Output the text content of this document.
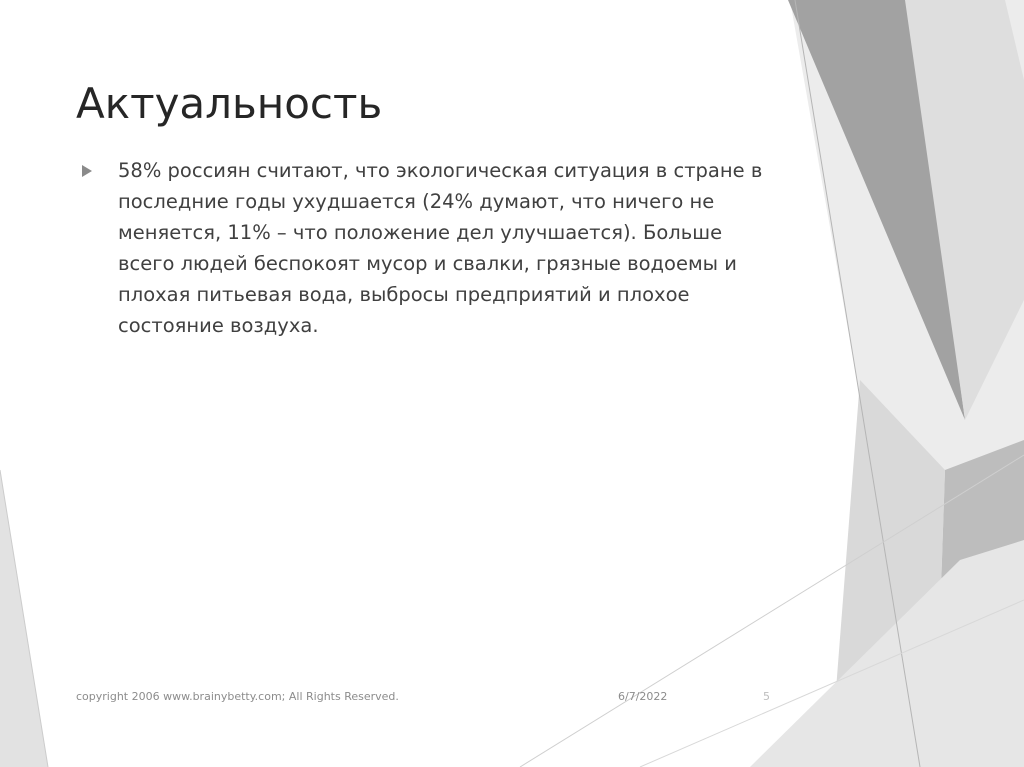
Актуальность
58% россиян считают, что экологическая ситуация в стране в последние годы ухудшается (24% думают, что ничего не меняется, 11% – что положение дел улучшается). Больше всего людей беспокоят мусор и свалки, грязные водоемы и плохая питьевая вода, выбросы предприятий и плохое состояние воздуха.
copyright 2006 www.brainybetty.com; All Rights Reserved.	6/7/2022	5
